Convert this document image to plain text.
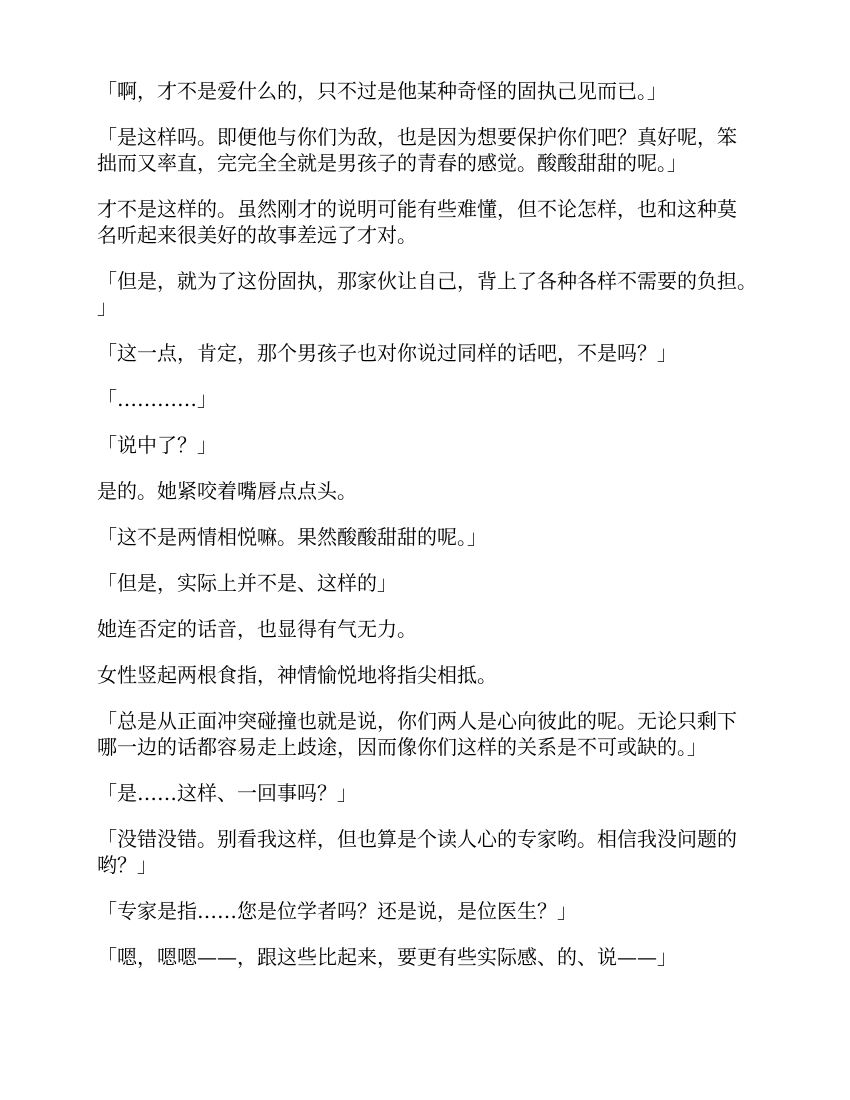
「啊，才不是爱什么的，只不过是他某种奇怪的固执己见而已。」

「是这样吗。即便他与你们为敌，也是因为想要保护你们吧？真好呢，笨拙而又率直，完完全全就是男孩子的青春的感觉。酸酸甜甜的呢。」

才不是这样的。虽然刚才的说明可能有些难懂，但不论怎样，也和这种莫名听起来很美好的故事差远了才对。

「但是，就为了这份固执，那家伙让自己，背上了各种各样不需要的负担。」

「这一点，肯定，那个男孩子也对你说过同样的话吧，不是吗？」

「…………」

「说中了？」

是的。她紧咬着嘴唇点点头。

「这不是两情相悦嘛。果然酸酸甜甜的呢。」

「但是，实际上并不是、这样的」

她连否定的话音，也显得有气无力。

女性竖起两根食指，神情愉悦地将指尖相抵。

「总是从正面冲突碰撞也就是说，你们两人是心向彼此的呢。无论只剩下哪一边的话都容易走上歧途，因而像你们这样的关系是不可或缺的。」

「是……这样、一回事吗？」

「没错没错。别看我这样，但也算是个读人心的专家哟。相信我没问题的哟？」

「专家是指……您是位学者吗？还是说，是位医生？」

「嗯，嗯嗯——，跟这些比起来，要更有些实际感、的、说——」
